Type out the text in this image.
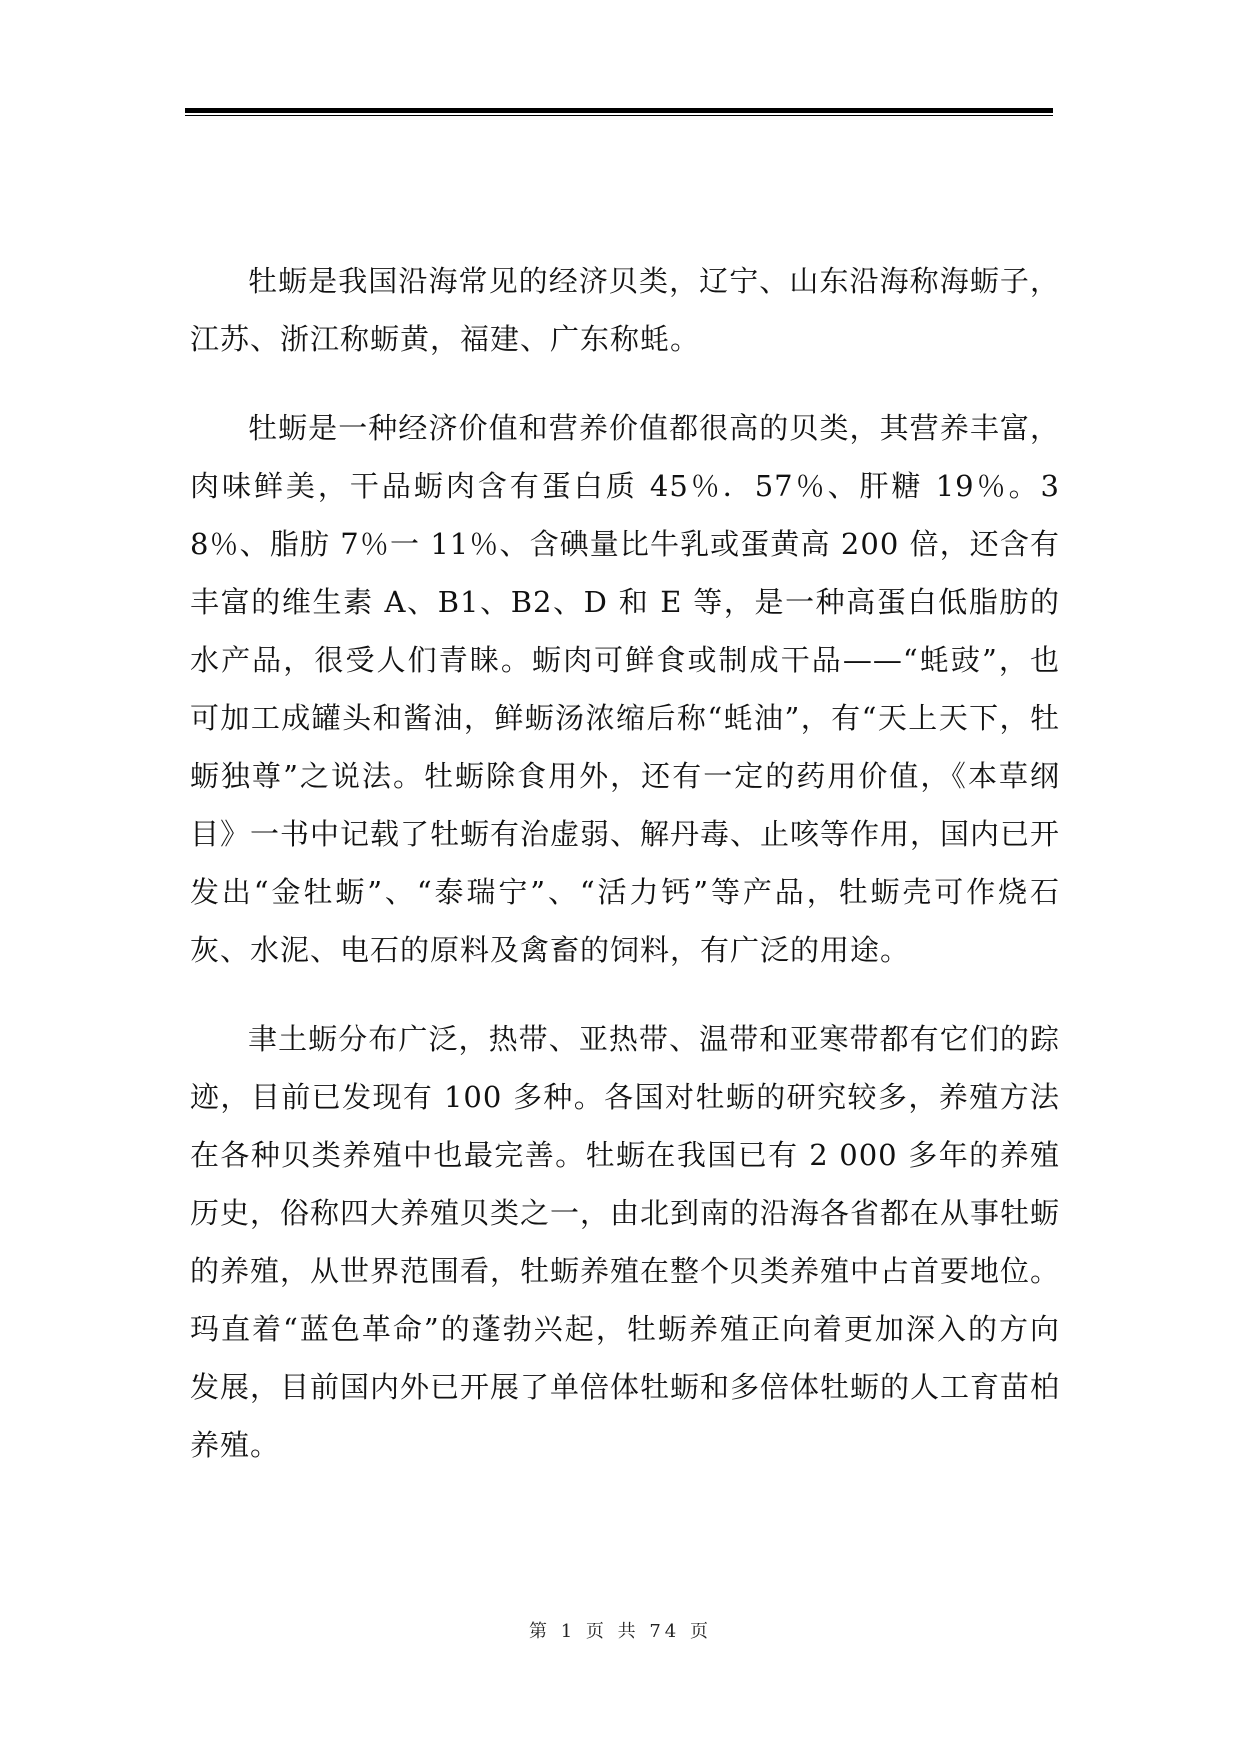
牡蛎是我国沿海常见的经济贝类，辽宁、山东沿海称海蛎子，江苏、浙江称蛎黄，福建、广东称蚝。

牡蛎是一种经济价值和营养价值都很高的贝类，其营养丰富，肉味鲜美，干品蛎肉含有蛋白质 45％．57％、肝糖 19％。38％、脂肪 7％一 11％、含碘量比牛乳或蛋黄高 200 倍，还含有丰富的维生素 A、B1、B2、D 和 E 等，是一种高蛋白低脂肪的水产品，很受人们青睐。蛎肉可鲜食或制成干品——“蚝豉”，也可加工成罐头和酱油，鲜蛎汤浓缩后称“蚝油”，有“天上天下，牡蛎独尊”之说法。牡蛎除食用外，还有一定的药用价值，《本草纲目》一书中记载了牡蛎有治虚弱、解丹毒、止咳等作用，国内已开发出“金牡蛎”、“泰瑞宁”、“活力钙”等产品，牡蛎壳可作烧石灰、水泥、电石的原料及禽畜的饲料，有广泛的用途。

聿土蛎分布广泛，热带、亚热带、温带和亚寒带都有它们的踪迹，目前已发现有 100 多种。各国对牡蛎的研究较多，养殖方法在各种贝类养殖中也最完善。牡蛎在我国已有 2 000 多年的养殖历史，俗称四大养殖贝类之一，由北到南的沿海各省都在从事牡蛎的养殖，从世界范围看，牡蛎养殖在整个贝类养殖中占首要地位。玛直着“蓝色革命”的蓬勃兴起，牡蛎养殖正向着更加深入的方向发展，目前国内外已开展了单倍体牡蛎和多倍体牡蛎的人工育苗柏养殖。

第 1 页 共 74 页
